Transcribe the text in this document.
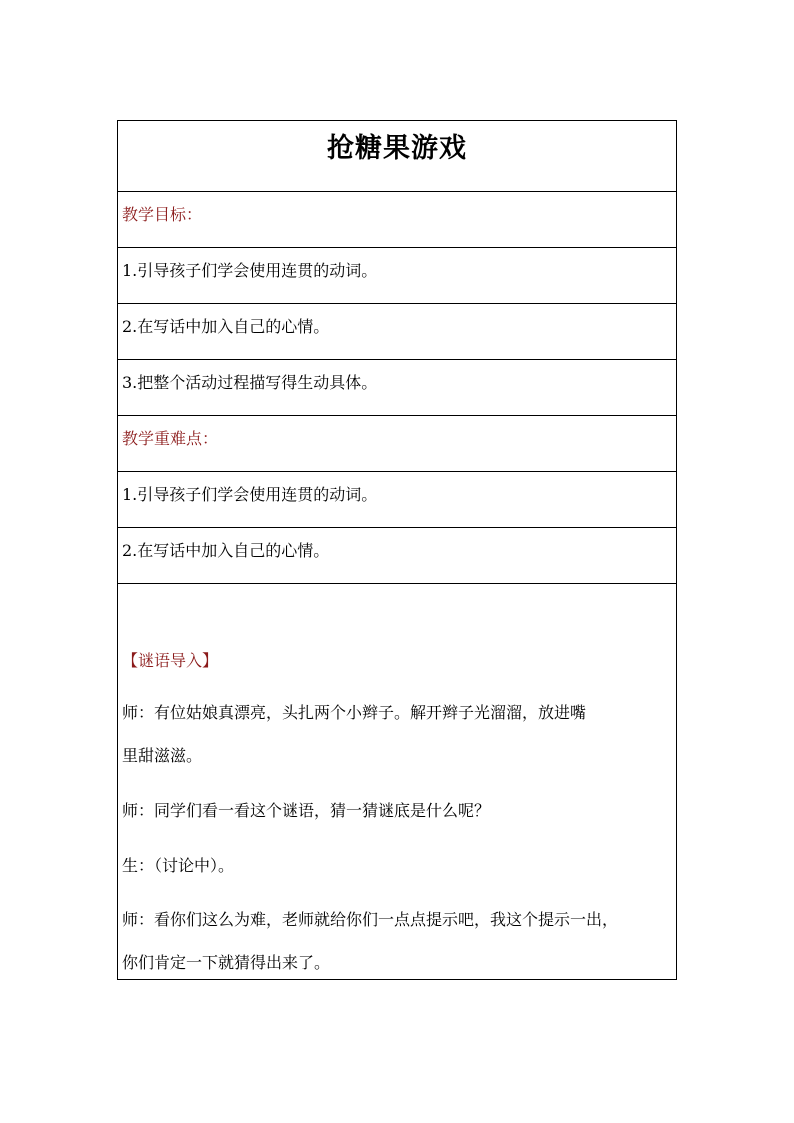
抢糖果游戏
教学目标：
1.引导孩子们学会使用连贯的动词。
2.在写话中加入自己的心情。
3.把整个活动过程描写得生动具体。
教学重难点：
1.引导孩子们学会使用连贯的动词。
2.在写话中加入自己的心情。
【谜语导入】
师：有位姑娘真漂亮，头扎两个小辫子。解开辫子光溜溜，放进嘴
里甜滋滋。
师：同学们看一看这个谜语，猜一猜谜底是什么呢？
生：（讨论中）。
师：看你们这么为难，老师就给你们一点点提示吧，我这个提示一出，
你们肯定一下就猜得出来了。
